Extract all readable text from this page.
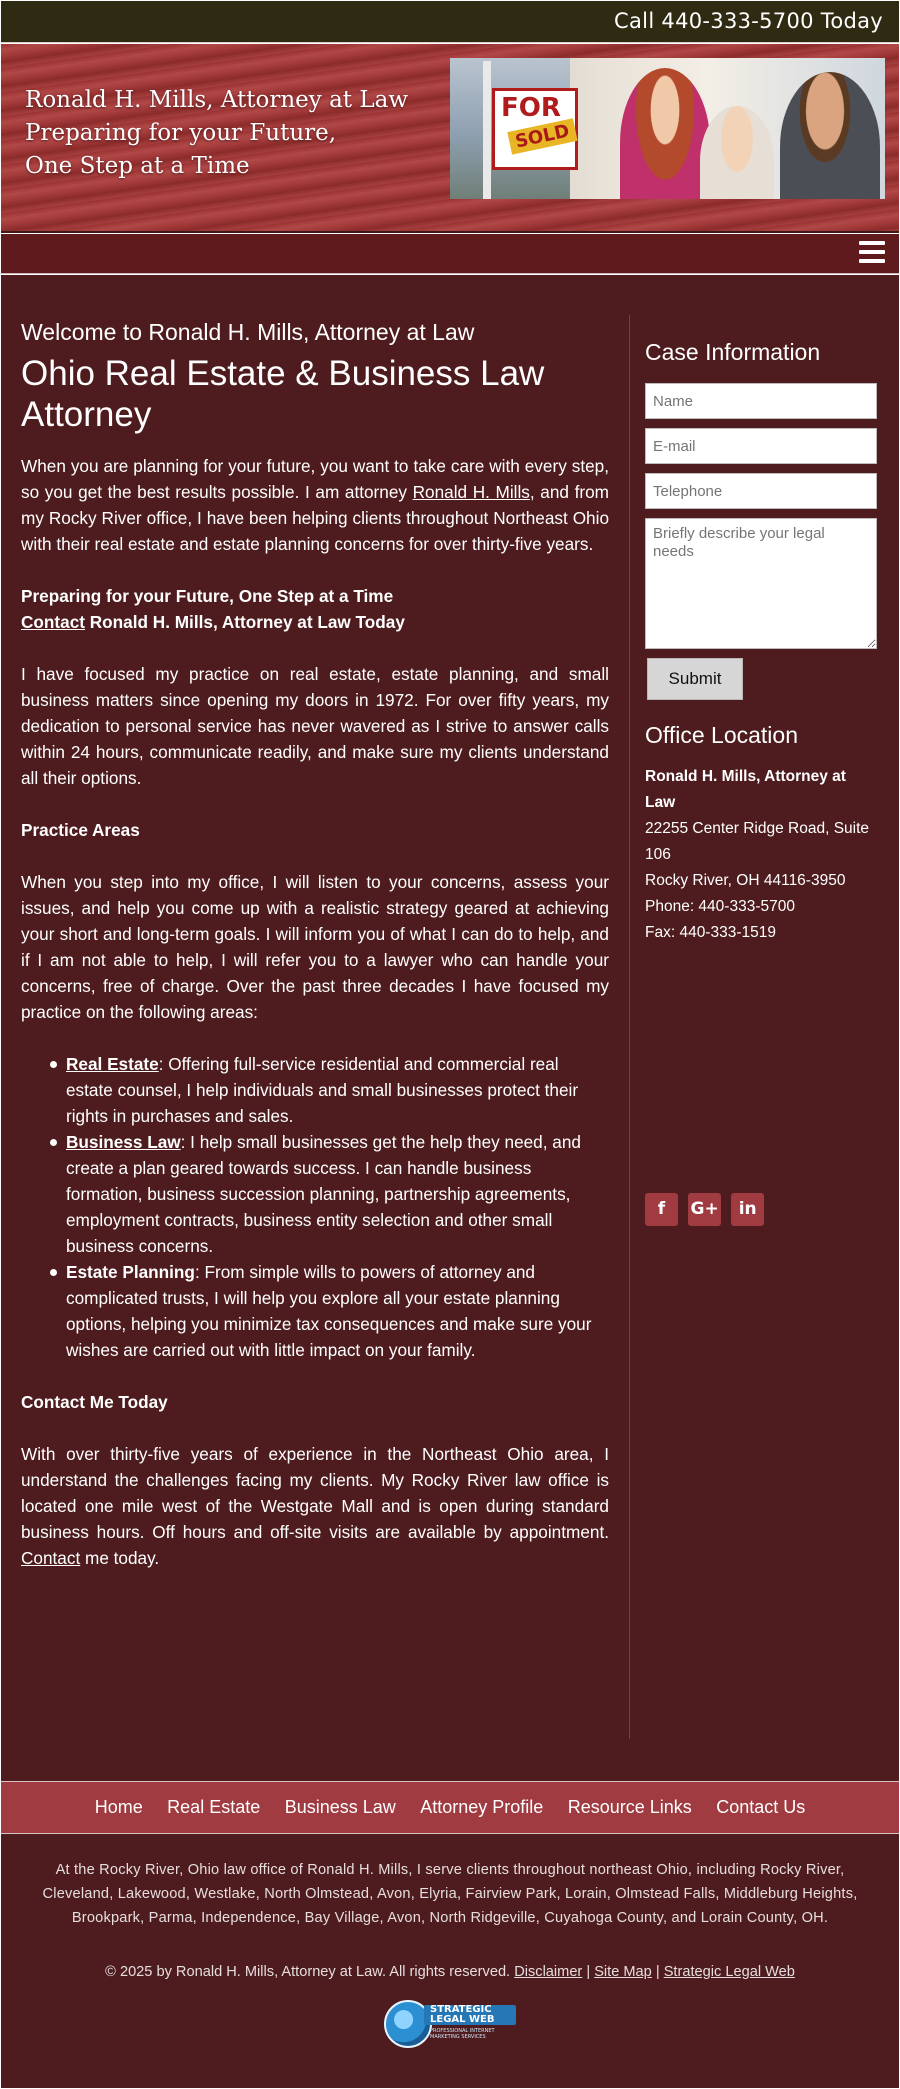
Call 440-333-5700 Today
Ronald H. Mills, Attorney at Law
Preparing for your Future,
One Step at a Time
FOR
SOLD
Welcome to Ronald H. Mills, Attorney at Law
Ohio Real Estate & Business Law Attorney

When you are planning for your future, you want to take care with every step, so you get the best results possible. I am attorney Ronald H. Mills, and from my Rocky River office, I have been helping clients throughout Northeast Ohio with their real estate and estate planning concerns for over thirty-five years.

Preparing for your Future, One Step at a Time
Contact Ronald H. Mills, Attorney at Law Today

I have focused my practice on real estate, estate planning, and small business matters since opening my doors in 1972. For over fifty years, my dedication to personal service has never wavered as I strive to answer calls within 24 hours, communicate readily, and make sure my clients understand all their options.

Practice Areas

When you step into my office, I will listen to your concerns, assess your issues, and help you come up with a realistic strategy geared at achieving your short and long-term goals. I will inform you of what I can do to help, and if I am not able to help, I will refer you to a lawyer who can handle your concerns, free of charge. Over the past three decades I have focused my practice on the following areas:

Real Estate: Offering full-service residential and commercial real estate counsel, I help individuals and small businesses protect their rights in purchases and sales.
Business Law: I help small businesses get the help they need, and create a plan geared towards success. I can handle business formation, business succession planning, partnership agreements, employment contracts, business entity selection and other small business concerns.
Estate Planning: From simple wills to powers of attorney and complicated trusts, I will help you explore all your estate planning options, helping you minimize tax consequences and make sure your wishes are carried out with little impact on your family.
Contact Me Today

With over thirty-five years of experience in the Northeast Ohio area, I understand the challenges facing my clients. My Rocky River law office is located one mile west of the Westgate Mall and is open during standard business hours. Off hours and off-site visits are available by appointment. Contact me today.

Case Information
Name
E-mail
Telephone
Briefly describe your legal needs Submit
Office Location
Ronald H. Mills, Attorney at Law
22255 Center Ridge Road, Suite 106
Rocky River, OH 44116-3950
Phone: 440-333-5700
Fax: 440-333-1519
f G+ in
Home Real Estate Business Law Attorney Profile Resource Links Contact Us
At the Rocky River, Ohio law office of Ronald H. Mills, I serve clients throughout northeast Ohio, including Rocky River, Cleveland, Lakewood, Westlake, North Olmstead, Avon, Elyria, Fairview Park, Lorain, Olmstead Falls, Middleburg Heights, Brookpark, Parma, Independence, Bay Village, Avon, North Ridgeville, Cuyahoga County, and Lorain County, OH.
© 2025 by Ronald H. Mills, Attorney at Law. All rights reserved. Disclaimer | Site Map | Strategic Legal Web
STRATEGIC
LEGAL WEB
PROFESSIONAL INTERNET MARKETING SERVICES
